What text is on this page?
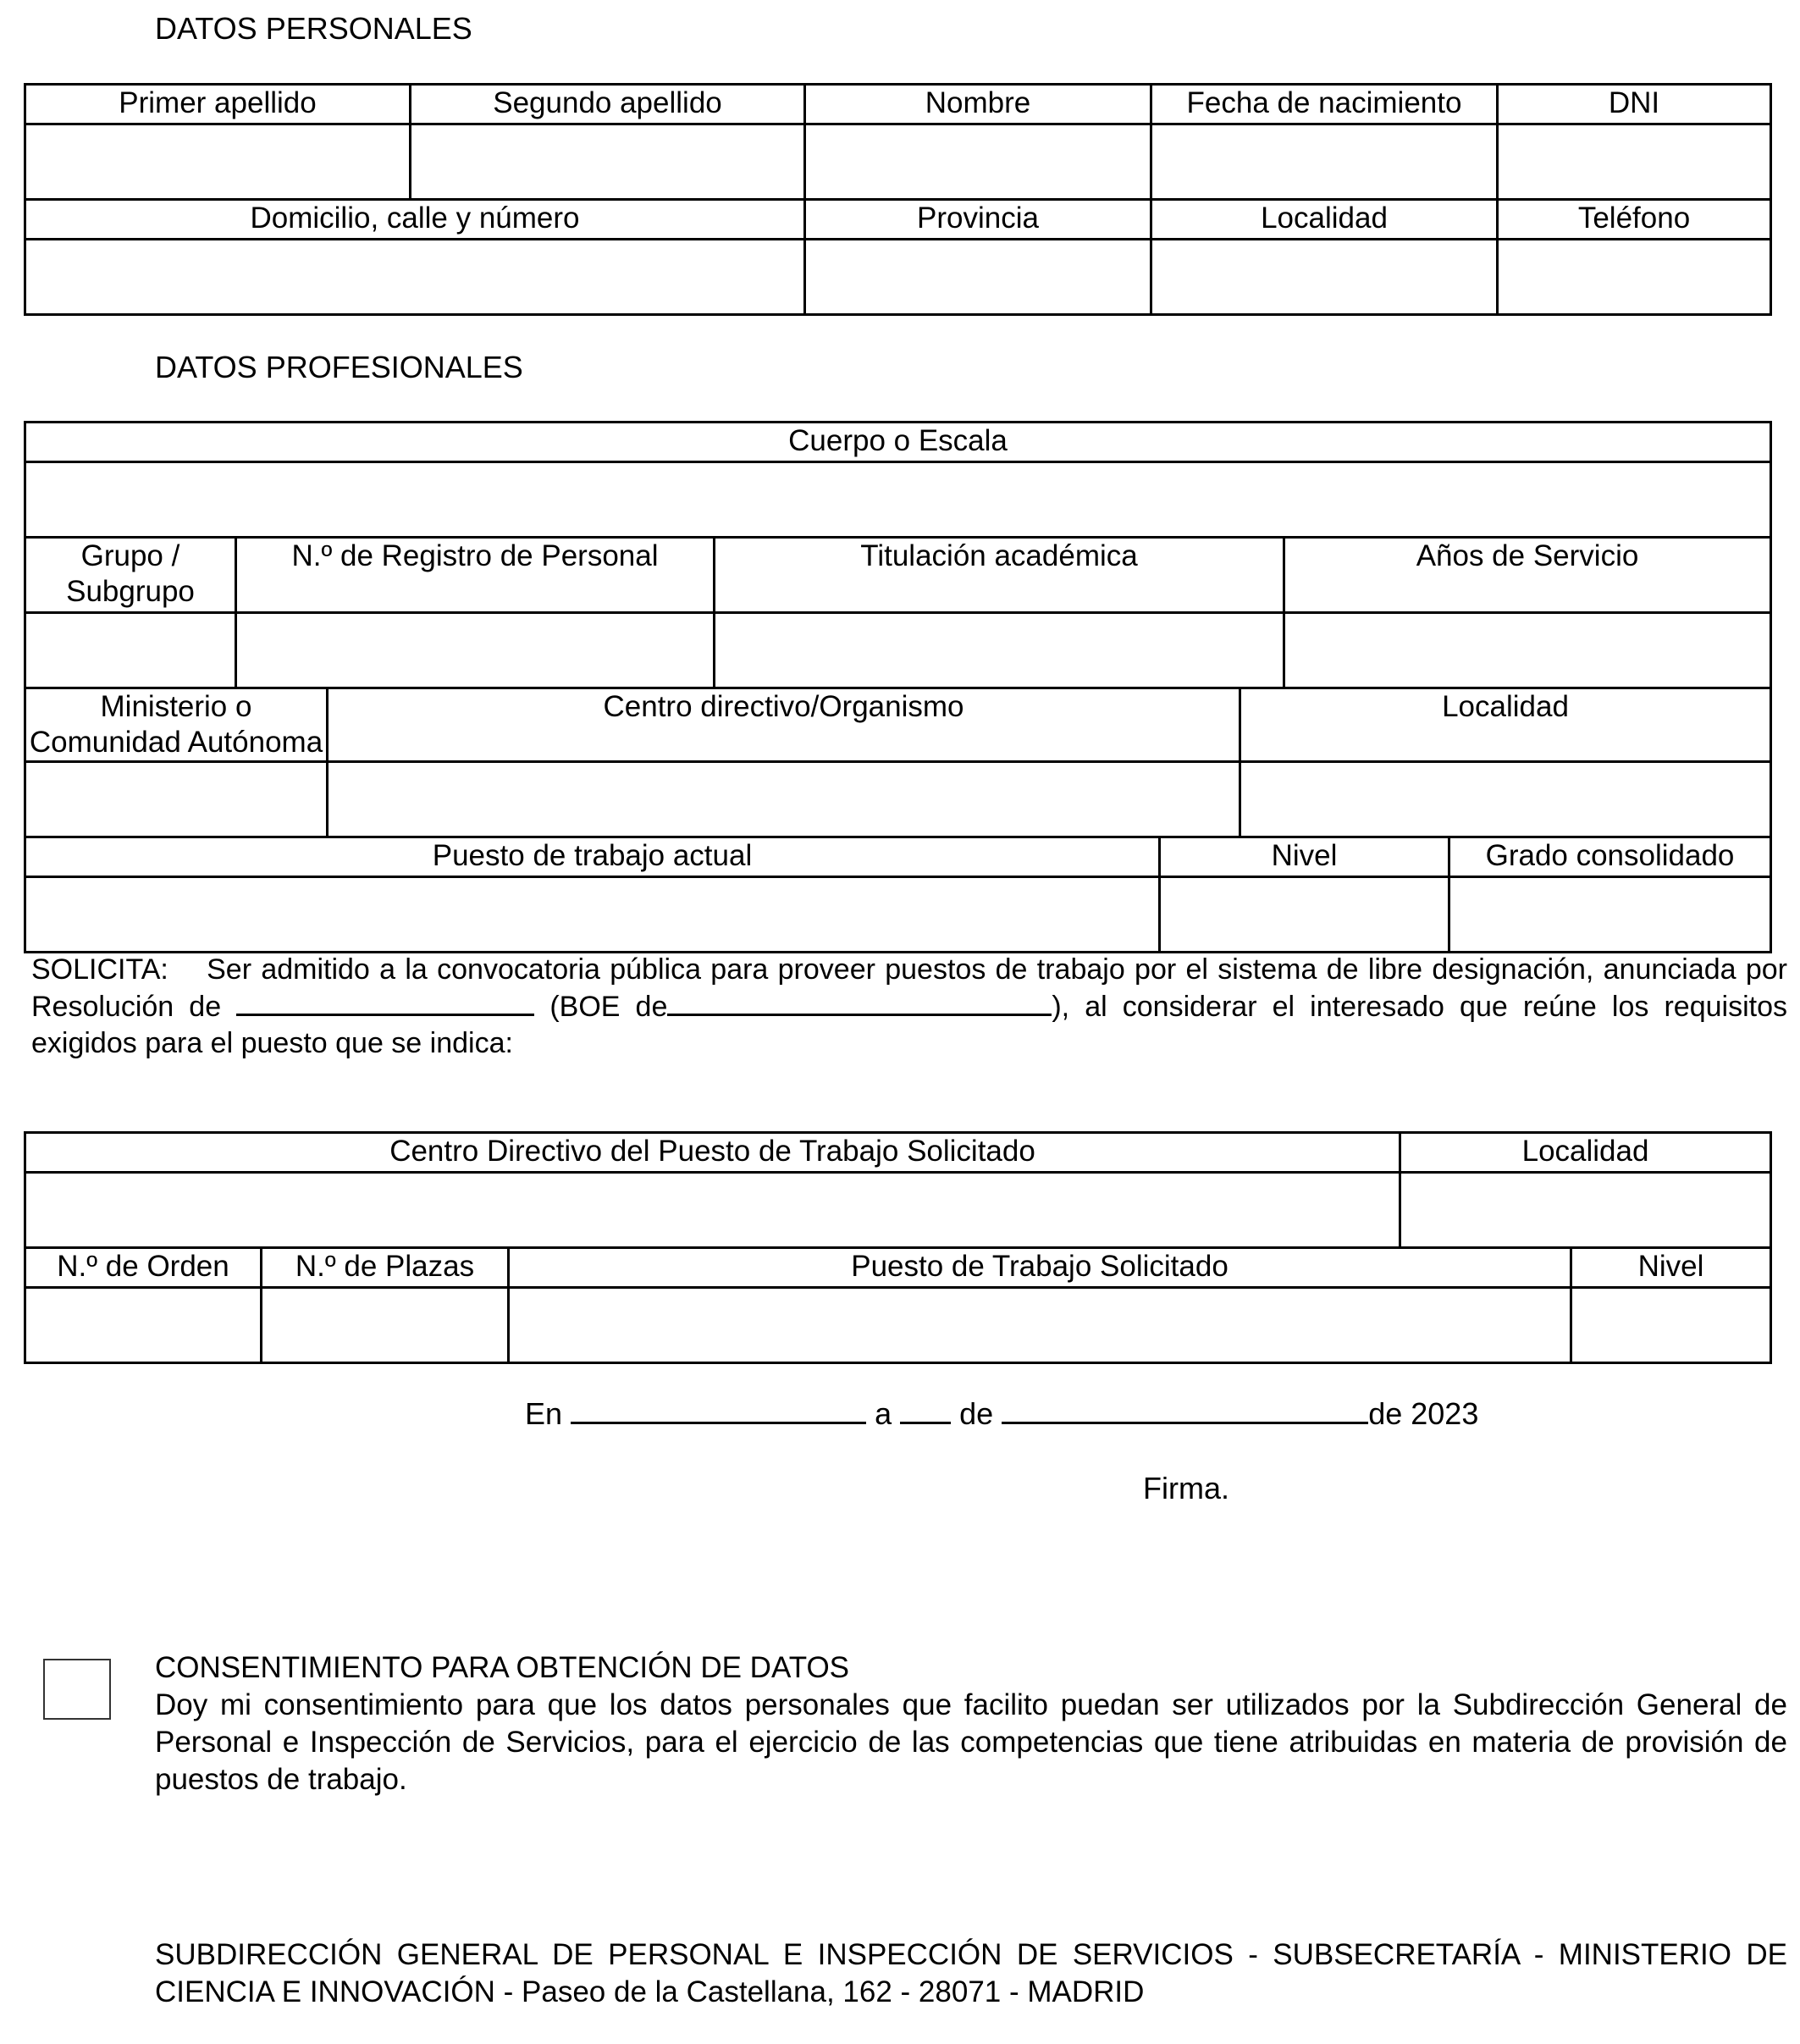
DATOS PERSONALES
Primer apellido	Segundo apellido	Nombre	Fecha de nacimiento	DNI

Domicilio, calle y número		Provincia	Localidad	Teléfono

DATOS PROFESIONALES
Cuerpo o Escala							

Grupo / Subgrupo	N.º de Registro de Personal		Titulación académica			Años de Servicio	

Ministerio o Comunidad Autónoma		Centro directivo/Organismo			Localidad		

Puesto de trabajo actual				Nivel			Grado consolidado

SOLICITA: Ser admitido a la convocatoria pública para proveer puestos de trabajo por el sistema de libre designación, anunciada por Resolución de	(BOE de	), al considerar el interesado que reúne los requisitos exigidos para el puesto que se indica:
Centro Directivo del Puesto de Trabajo Solicitado			Localidad	

N.º de Orden	N.º de Plazas	Puesto de Trabajo Solicitado		Nivel

En	a de	de 2023
Firma.
CONSENTIMIENTO PARA OBTENCIÓN DE DATOS
Doy mi consentimiento para que los datos personales que facilito puedan ser utilizados por la Subdirección General de Personal e Inspección de Servicios, para el ejercicio de las competencias que tiene atribuidas en materia de provisión de puestos de trabajo.
SUBDIRECCIÓN GENERAL DE PERSONAL E INSPECCIÓN DE SERVICIOS - SUBSECRETARÍA - MINISTERIO DE CIENCIA E INNOVACIÓN - Paseo de la Castellana, 162 - 28071 - MADRID
